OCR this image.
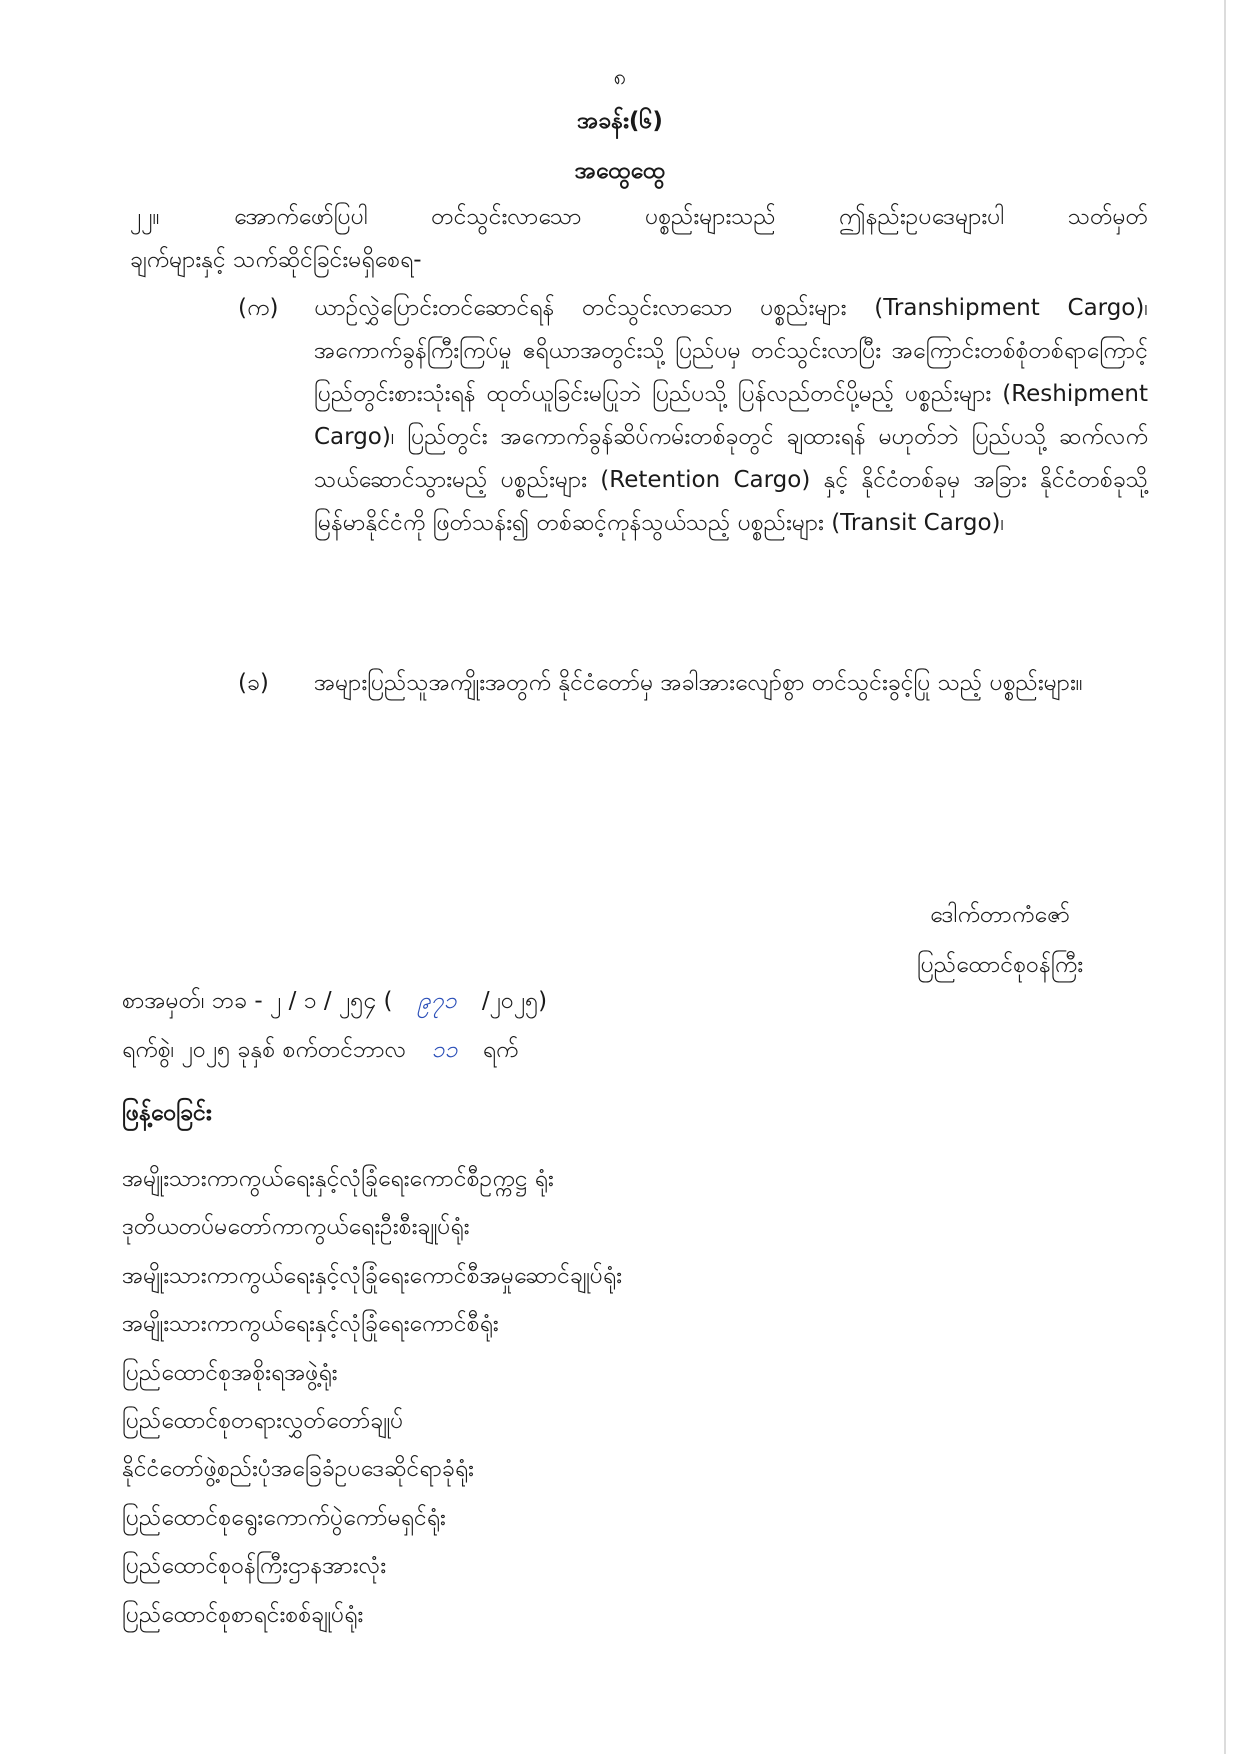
၈
အခန်း(၆)
အထွေထွေ
၂၂။	အောက်ဖော်ပြပါ တင်သွင်းလာသော ပစ္စည်းများသည် ဤနည်းဥပဒေများပါ သတ်မှတ်
ချက်များနှင့် သက်ဆိုင်ခြင်းမရှိစေရ-
(က)	ယာဉ်လွှဲပြောင်းတင်ဆောင်ရန် တင်သွင်းလာသော ပစ္စည်းများ (Transhipment Cargo)၊ အကောက်ခွန်ကြီးကြပ်မှု ဧရိယာအတွင်းသို့ ပြည်ပမှ တင်သွင်းလာပြီး အကြောင်းတစ်စုံတစ်ရာကြောင့် ပြည်တွင်းစားသုံးရန် ထုတ်ယူခြင်းမပြုဘဲ ပြည်ပသို့ ပြန်လည်တင်ပို့မည့် ပစ္စည်းများ (Reshipment Cargo)၊ ပြည်တွင်း အကောက်ခွန်ဆိပ်ကမ်းတစ်ခုတွင် ချထားရန် မဟုတ်ဘဲ ပြည်ပသို့ ဆက်လက် သယ်ဆောင်သွားမည့် ပစ္စည်းများ (Retention Cargo) နှင့် နိုင်ငံတစ်ခုမှ အခြား နိုင်ငံတစ်ခုသို့ မြန်မာနိုင်ငံကို ဖြတ်သန်း၍ တစ်ဆင့်ကုန်သွယ်သည့် ပစ္စည်းများ (Transit Cargo)၊
(ခ)	အများပြည်သူအကျိုးအတွက် နိုင်ငံတော်မှ အခါအားလျော်စွာ တင်သွင်းခွင့်ပြု သည့် ပစ္စည်းများ။
ဒေါက်တာကံဇော်
ပြည်ထောင်စုဝန်ကြီး
စာအမှတ်၊ ဘခ - ၂ / ၁ / ၂၅၄ ( ၉၇၁ /၂၀၂၅)
ရက်စွဲ၊ ၂၀၂၅ ခုနှစ် စက်တင်ဘာလ ၁၁ ရက်
ဖြန့်ဝေခြင်း
အမျိုးသားကာကွယ်ရေးနှင့်လုံခြုံရေးကောင်စီဥက္ကဋ္ဌ ရုံး
ဒုတိယတပ်မတော်ကာကွယ်ရေးဦးစီးချုပ်ရုံး
အမျိုးသားကာကွယ်ရေးနှင့်လုံခြုံရေးကောင်စီအမှုဆောင်ချုပ်ရုံး
အမျိုးသားကာကွယ်ရေးနှင့်လုံခြုံရေးကောင်စီရုံး
ပြည်ထောင်စုအစိုးရအဖွဲ့ရုံး
ပြည်ထောင်စုတရားလွှတ်တော်ချုပ်
နိုင်ငံတော်ဖွဲ့စည်းပုံအခြေခံဥပဒေဆိုင်ရာခုံရုံး
ပြည်ထောင်စုရွေးကောက်ပွဲကော်မရှင်ရုံး
ပြည်ထောင်စုဝန်ကြီးဌာနအားလုံး
ပြည်ထောင်စုစာရင်းစစ်ချုပ်ရုံး
